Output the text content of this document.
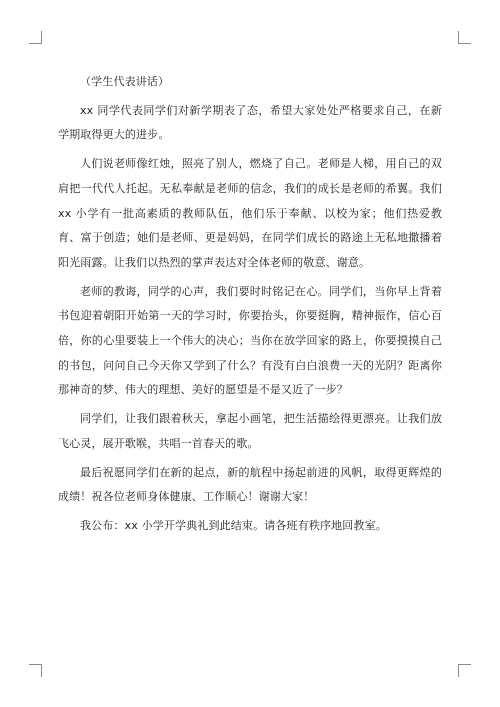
（学生代表讲话）

xx 同学代表同学们对新学期表了态，希望大家处处严格要求自己，在新学期取得更大的进步。

人们说老师像红烛，照亮了别人，燃烧了自己。老师是人梯，用自己的双肩把一代代人托起。无私奉献是老师的信念，我们的成长是老师的希翼。我们 xx 小学有一批高素质的教师队伍，他们乐于奉献、以校为家；他们热爱教育、富于创造；她们是老师、更是妈妈，在同学们成长的路途上无私地撒播着阳光雨露。让我们以热烈的掌声表达对全体老师的敬意、谢意。

老师的教诲，同学的心声，我们要时时铭记在心。同学们，当你早上背着书包迎着朝阳开始第一天的学习时，你要抬头，你要挺胸，精神振作，信心百倍，你的心里要装上一个伟大的决心；当你在放学回家的路上，你要摸摸自己的书包，问问自己今天你又学到了什么？有没有白白浪费一天的光阴？距离你那神奇的梦、伟大的理想、美好的愿望是不是又近了一步？

同学们，让我们跟着秋天，拿起小画笔，把生活描绘得更漂亮。让我们放飞心灵，展开歌喉，共唱一首春天的歌。

最后祝愿同学们在新的起点，新的航程中扬起前进的风帆，取得更辉煌的成绩！祝各位老师身体健康、工作顺心！谢谢大家！

我公布：xx 小学开学典礼到此结束。请各班有秩序地回教室。
